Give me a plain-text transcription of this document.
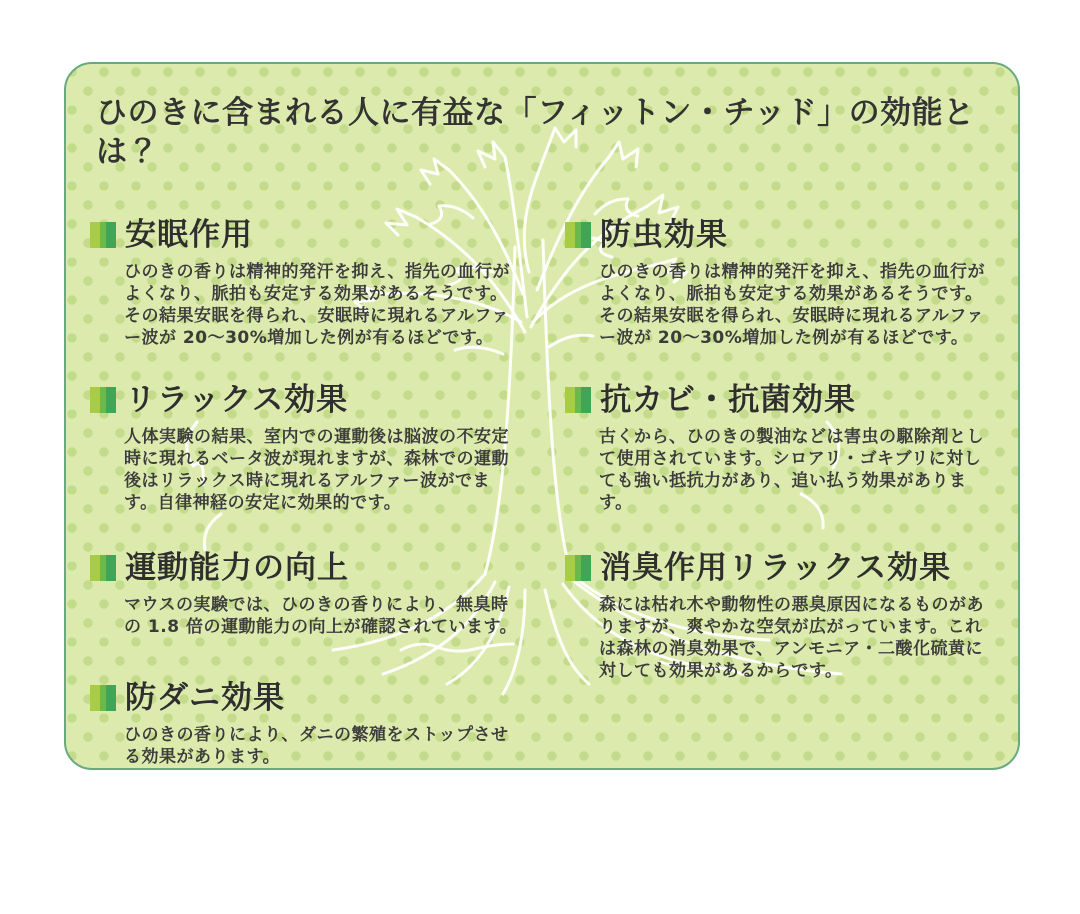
ひのきに含まれる人に有益な「フィットン・チッド」の効能とは？
安眠作用

ひのきの香りは精神的発汗を抑え、指先の血行がよくなり、脈拍も安定する効果があるそうです。その結果安眠を得られ、安眠時に現れるアルファー波が 20〜30%増加した例が有るほどです。

防虫効果

ひのきの香りは精神的発汗を抑え、指先の血行がよくなり、脈拍も安定する効果があるそうです。その結果安眠を得られ、安眠時に現れるアルファー波が 20〜30%増加した例が有るほどです。

リラックス効果

人体実験の結果、室内での運動後は脳波の不安定時に現れるベータ波が現れますが、森林での運動後はリラックス時に現れるアルファー波がでます。自律神経の安定に効果的です。

抗カビ・抗菌効果

古くから、ひのきの製油などは害虫の駆除剤として使用されています。シロアリ・ゴキブリに対しても強い抵抗力があり、追い払う効果があります。

運動能力の向上

マウスの実験では、ひのきの香りにより、無臭時の 1.8 倍の運動能力の向上が確認されています。

消臭作用リラックス効果

森には枯れ木や動物性の悪臭原因になるものがありますが、爽やかな空気が広がっています。これは森林の消臭効果で、アンモニア・二酸化硫黄に対しても効果があるからです。

防ダニ効果

ひのきの香りにより、ダニの繁殖をストップさせる効果があります。
